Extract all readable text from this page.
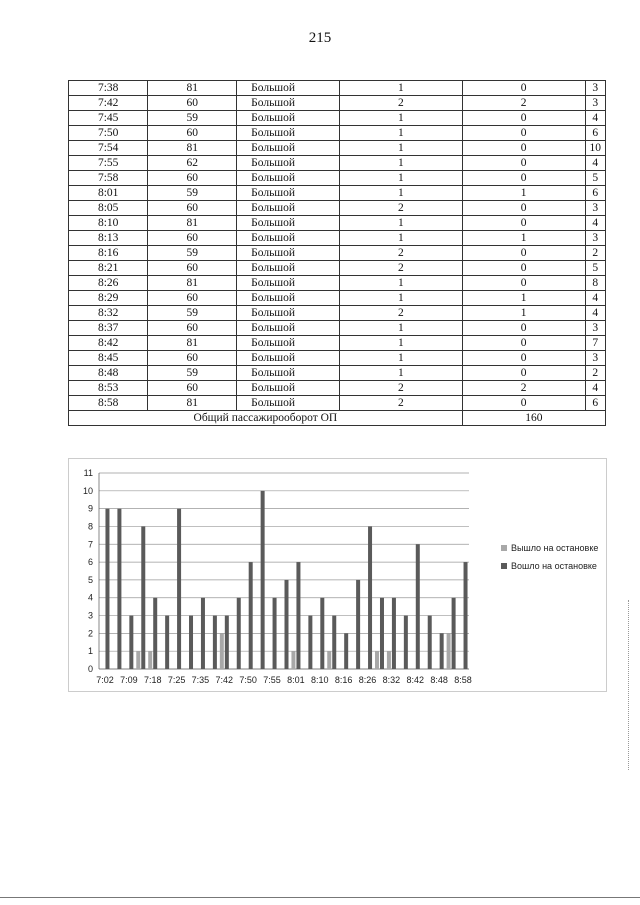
215
7:38	81	Большой	1	0	3
7:42	60	Большой	2	2	3
7:45	59	Большой	1	0	4
7:50	60	Большой	1	0	6
7:54	81	Большой	1	0	10
7:55	62	Большой	1	0	4
7:58	60	Большой	1	0	5
8:01	59	Большой	1	1	6
8:05	60	Большой	2	0	3
8:10	81	Большой	1	0	4
8:13	60	Большой	1	1	3
8:16	59	Большой	2	0	2
8:21	60	Большой	2	0	5
8:26	81	Большой	1	0	8
8:29	60	Большой	1	1	4
8:32	59	Большой	2	1	4
8:37	60	Большой	1	0	3
8:42	81	Большой	1	0	7
8:45	60	Большой	1	0	3
8:48	59	Большой	1	0	2
8:53	60	Большой	2	2	4
8:58	81	Большой	2	0	6
Общий пассажирооборот ОП				160	
0
1
2
3
4
5
6
7
8
9
10
11
7:02 7:09 7:18 7:25 7:35 7:42 7:50 7:55 8:01 8:10 8:16 8:26 8:32 8:42 8:48 8:58
Вышло на остановке
Вошло на остановке
